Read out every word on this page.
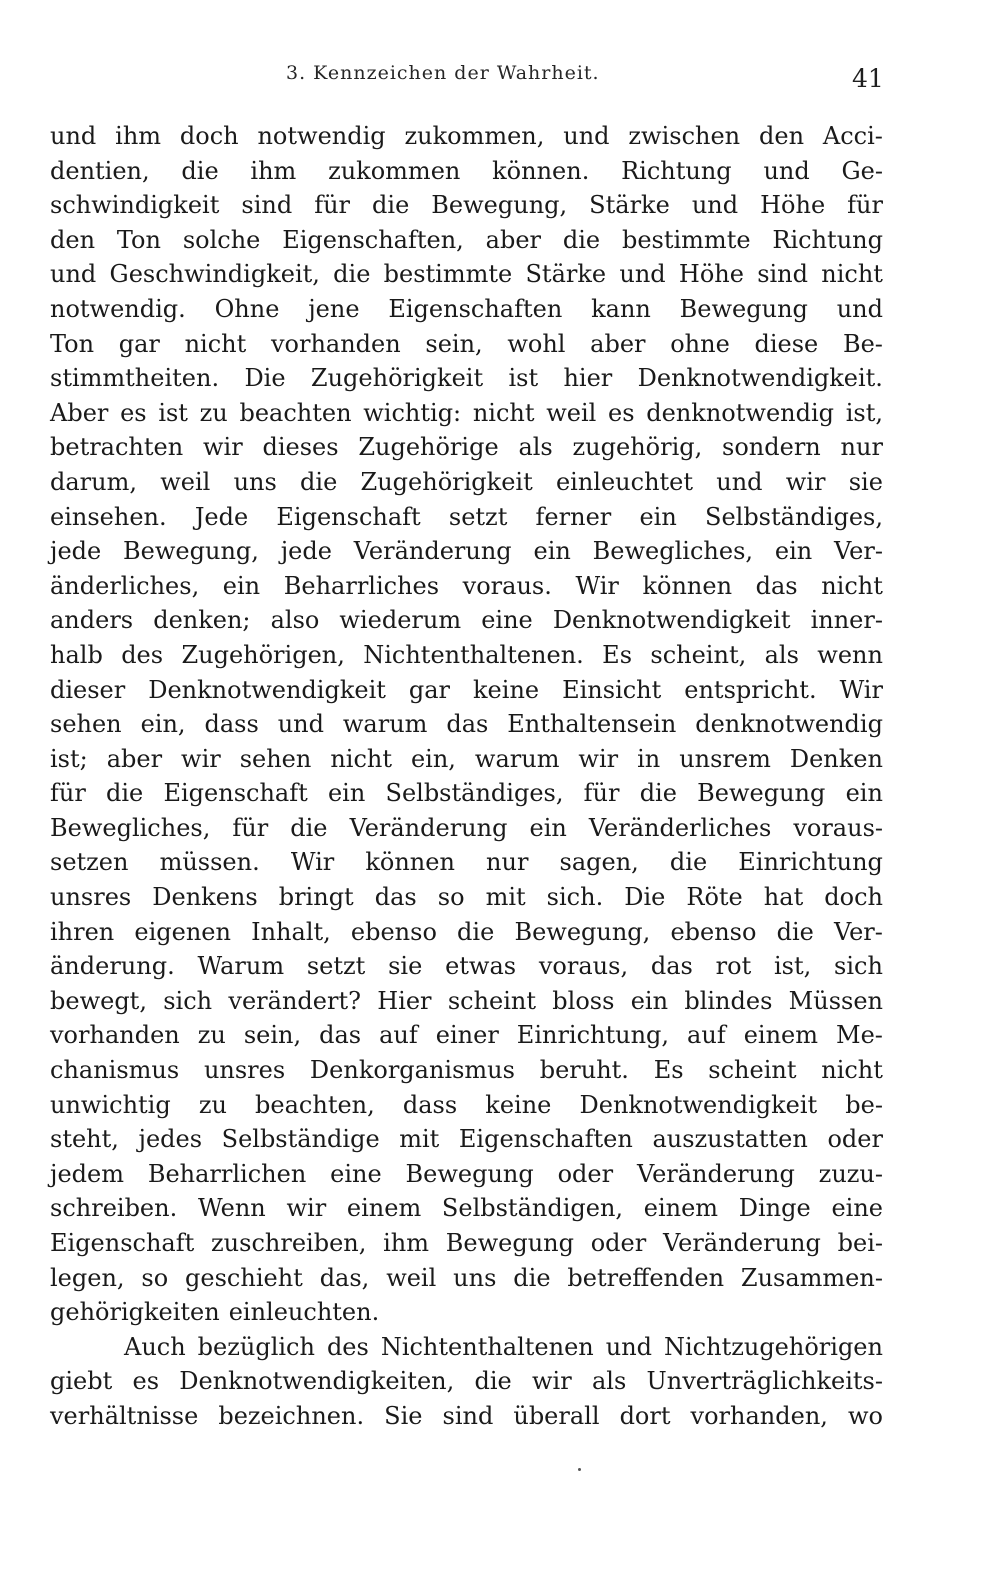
3. Kennzeichen der Wahrheit.	41
und ihm doch notwendig zukommen, und zwischen den Acci-
dentien, die ihm zukommen können. Richtung und Ge-
schwindigkeit sind für die Bewegung, Stärke und Höhe für
den Ton solche Eigenschaften, aber die bestimmte Richtung
und Geschwindigkeit, die bestimmte Stärke und Höhe sind nicht
notwendig. Ohne jene Eigenschaften kann Bewegung und
Ton gar nicht vorhanden sein, wohl aber ohne diese Be-
stimmtheiten. Die Zugehörigkeit ist hier Denknotwendigkeit.
Aber es ist zu beachten wichtig: nicht weil es denknotwendig ist,
betrachten wir dieses Zugehörige als zugehörig, sondern nur
darum, weil uns die Zugehörigkeit einleuchtet und wir sie
einsehen. Jede Eigenschaft setzt ferner ein Selbständiges,
jede Bewegung, jede Veränderung ein Bewegliches, ein Ver-
änderliches, ein Beharrliches voraus. Wir können das nicht
anders denken; also wiederum eine Denknotwendigkeit inner-
halb des Zugehörigen, Nichtenthaltenen. Es scheint, als wenn
dieser Denknotwendigkeit gar keine Einsicht entspricht. Wir
sehen ein, dass und warum das Enthaltensein denknotwendig
ist; aber wir sehen nicht ein, warum wir in unsrem Denken
für die Eigenschaft ein Selbständiges, für die Bewegung ein
Bewegliches, für die Veränderung ein Veränderliches voraus-
setzen müssen. Wir können nur sagen, die Einrichtung
unsres Denkens bringt das so mit sich. Die Röte hat doch
ihren eigenen Inhalt, ebenso die Bewegung, ebenso die Ver-
änderung. Warum setzt sie etwas voraus, das rot ist, sich
bewegt, sich verändert? Hier scheint bloss ein blindes Müssen
vorhanden zu sein, das auf einer Einrichtung, auf einem Me-
chanismus unsres Denkorganismus beruht. Es scheint nicht
unwichtig zu beachten, dass keine Denknotwendigkeit be-
steht, jedes Selbständige mit Eigenschaften auszustatten oder
jedem Beharrlichen eine Bewegung oder Veränderung zuzu-
schreiben. Wenn wir einem Selbständigen, einem Dinge eine
Eigenschaft zuschreiben, ihm Bewegung oder Veränderung bei-
legen, so geschieht das, weil uns die betreffenden Zusammen-
gehörigkeiten einleuchten.
Auch bezüglich des Nichtenthaltenen und Nichtzugehörigen
giebt es Denknotwendigkeiten, die wir als Unverträglichkeits-
verhältnisse bezeichnen. Sie sind überall dort vorhanden, wo
